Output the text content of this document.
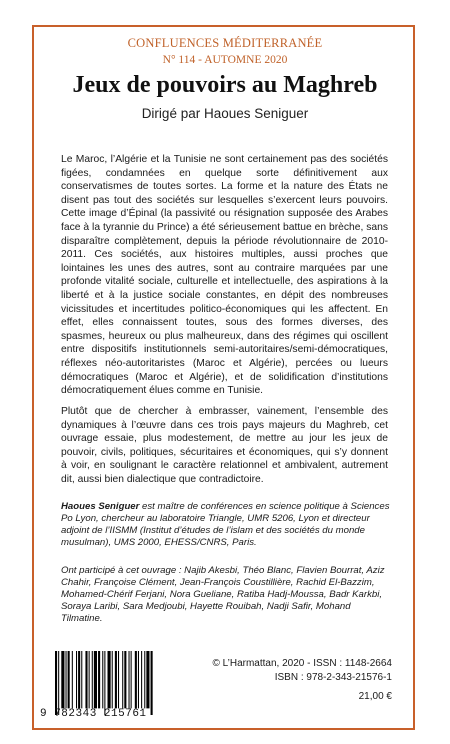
CONFLUENCES MÉDITERRANÉE
N° 114 - AUTOMNE 2020
Jeux de pouvoirs au Maghreb
Dirigé par Haoues Seniguer

Le Maroc, l’Algérie et la Tunisie ne sont certainement pas des sociétés figées, condamnées en quelque sorte définitivement aux conservatismes de toutes sortes. La forme et la nature des États ne disent pas tout des sociétés sur lesquelles s’exercent leurs pouvoirs. Cette image d’Épinal (la passivité ou résignation supposée des Arabes face à la tyrannie du Prince) a été sérieusement battue en brèche, sans disparaître complètement, depuis la période révolutionnaire de 2010-2011. Ces sociétés, aux histoires multiples, aussi proches que lointaines les unes des autres, sont au contraire marquées par une profonde vitalité sociale, culturelle et intellectuelle, des aspirations à la liberté et à la justice sociale constantes, en dépit des nombreuses vicissitudes et incertitudes politico-économiques qui les affectent. En effet, elles connaissent toutes, sous des formes diverses, des spasmes, heureux ou plus malheureux, dans des régimes qui oscillent entre dispositifs institutionnels semi-autoritaires/semi-démocratiques, réflexes néo-autoritaristes (Maroc et Algérie), percées ou lueurs démocratiques (Maroc et Algérie), et de solidification d’institutions démocratiquement élues comme en Tunisie.

Plutôt que de chercher à embrasser, vainement, l’ensemble des dynamiques à l’œuvre dans ces trois pays majeurs du Maghreb, cet ouvrage essaie, plus modestement, de mettre au jour les jeux de pouvoir, civils, politiques, sécuritaires et économiques, qui s’y donnent à voir, en soulignant le caractère relationnel et ambivalent, autrement dit, aussi bien dialectique que contradictoire.

Haoues Seniguer est maître de conférences en science politique à Sciences Po Lyon, chercheur au laboratoire Triangle, UMR 5206, Lyon et directeur adjoint de l’IISMM (Institut d’études de l’islam et des sociétés du monde musulman), UMS 2000, EHESS/CNRS, Paris.

Ont participé à cet ouvrage : Najib Akesbi, Théo Blanc, Flavien Bourrat, Aziz Chahir, Françoise Clément, Jean-François Coustillière, Rachid El-Bazzim, Mohamed-Chérif Ferjani, Nora Gueliane, Ratiba Hadj-Moussa, Badr Karkbi, Soraya Laribi, Sara Medjoubi, Hayette Rouibah, Nadji Safir, Mohand Tilmatine.

9 782343 215761
© L’Harmattan, 2020 - ISSN : 1148-2664
ISBN : 978-2-343-21576-1
21,00 €
